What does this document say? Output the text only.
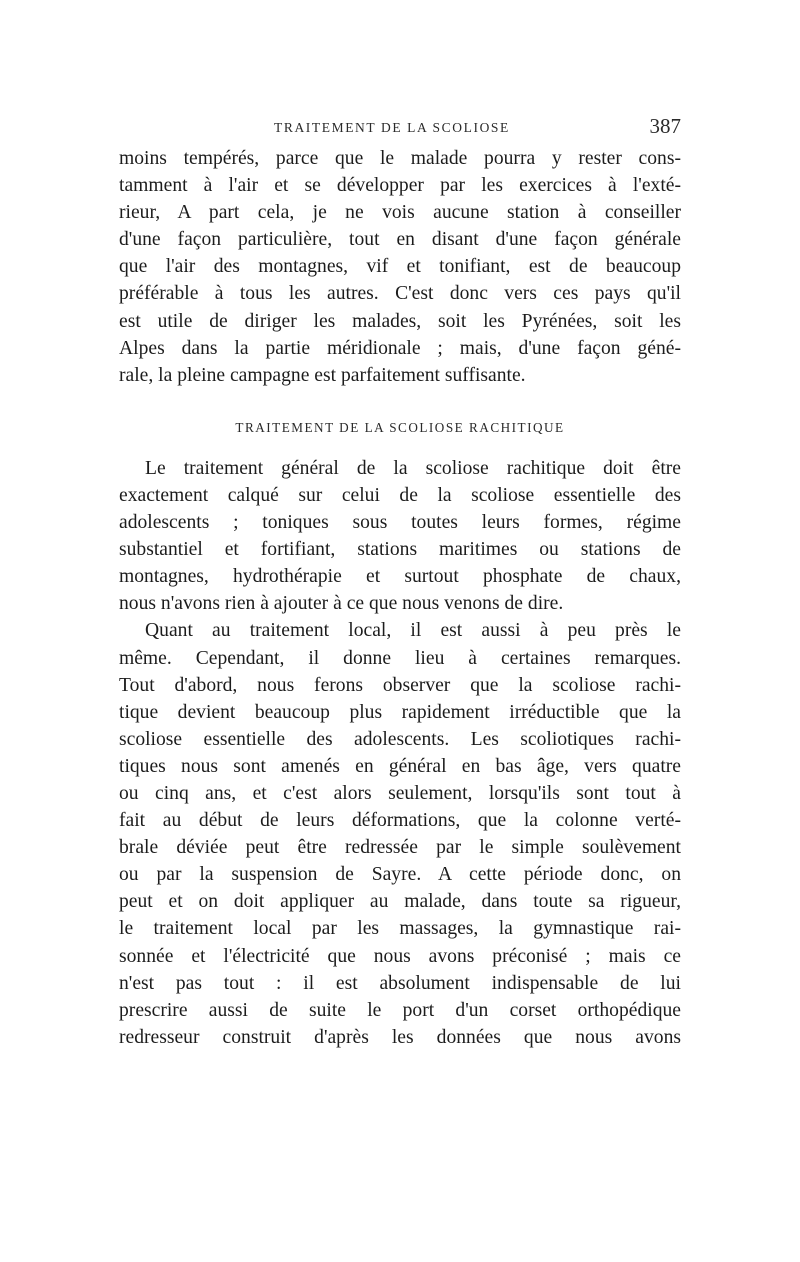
TRAITEMENT DE LA SCOLIOSE	387
moins tempérés, parce que le malade pourra y rester cons-
tamment à l'air et se développer par les exercices à l'exté-
rieur, A part cela, je ne vois aucune station à conseiller
d'une façon particulière, tout en disant d'une façon générale
que l'air des montagnes, vif et tonifiant, est de beaucoup
préférable à tous les autres. C'est donc vers ces pays qu'il
est utile de diriger les malades, soit les Pyrénées, soit les
Alpes dans la partie méridionale ; mais, d'une façon géné-
rale, la pleine campagne est parfaitement suffisante.
TRAITEMENT DE LA SCOLIOSE RACHITIQUE
Le traitement général de la scoliose rachitique doit être
exactement calqué sur celui de la scoliose essentielle des
adolescents ; toniques sous toutes leurs formes, régime
substantiel et fortifiant, stations maritimes ou stations de
montagnes, hydrothérapie et surtout phosphate de chaux,
nous n'avons rien à ajouter à ce que nous venons de dire.
Quant au traitement local, il est aussi à peu près le
même. Cependant, il donne lieu à certaines remarques.
Tout d'abord, nous ferons observer que la scoliose rachi-
tique devient beaucoup plus rapidement irréductible que la
scoliose essentielle des adolescents. Les scoliotiques rachi-
tiques nous sont amenés en général en bas âge, vers quatre
ou cinq ans, et c'est alors seulement, lorsqu'ils sont tout à
fait au début de leurs déformations, que la colonne verté-
brale déviée peut être redressée par le simple soulèvement
ou par la suspension de Sayre. A cette période donc, on
peut et on doit appliquer au malade, dans toute sa rigueur,
le traitement local par les massages, la gymnastique rai-
sonnée et l'électricité que nous avons préconisé ; mais ce
n'est pas tout : il est absolument indispensable de lui
prescrire aussi de suite le port d'un corset orthopédique
redresseur construit d'après les données que nous avons
